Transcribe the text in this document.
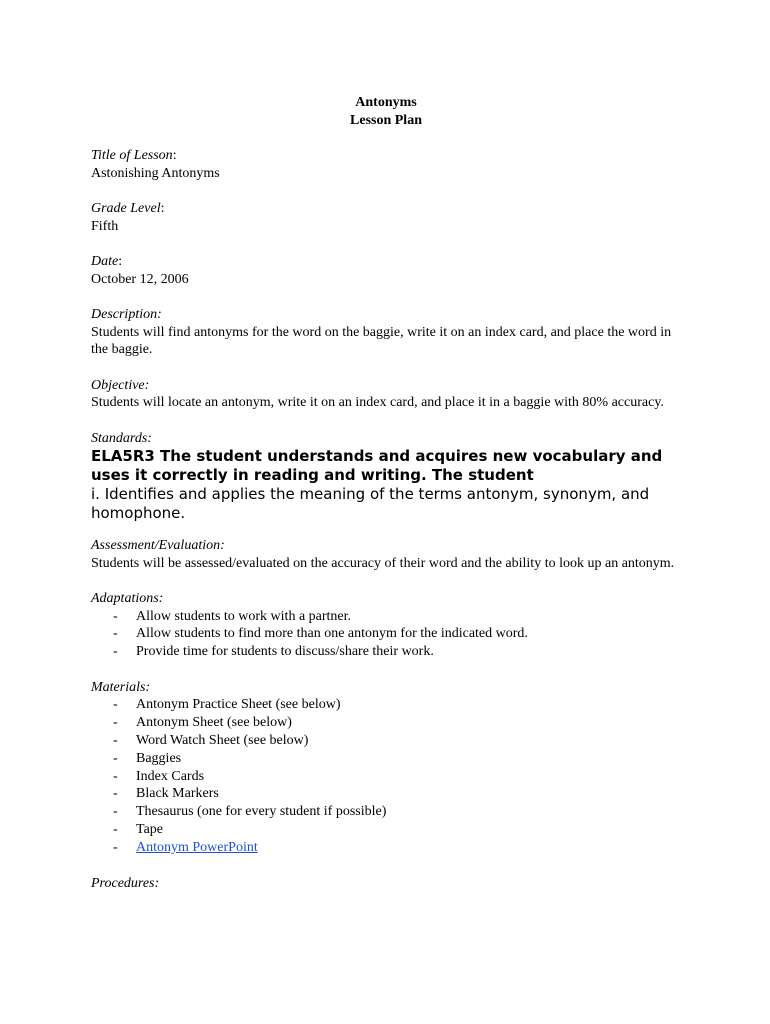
Antonyms
Lesson Plan
Title of Lesson:
Astonishing Antonyms
Grade Level:
Fifth
Date:
October 12, 2006
Description:
Students will find antonyms for the word on the baggie, write it on an index card, and place the word in the baggie.
Objective:
Students will locate an antonym, write it on an index card, and place it in a baggie with 80% accuracy.
Standards:
ELA5R3 The student understands and acquires new vocabulary and uses it correctly in reading and writing. The student
i. Identifies and applies the meaning of the terms antonym, synonym, and homophone.
Assessment/Evaluation:
Students will be assessed/evaluated on the accuracy of their word and the ability to look up an antonym.
Adaptations:
- Allow students to work with a partner.
- Allow students to find more than one antonym for the indicated word.
- Provide time for students to discuss/share their work.
Materials:
- Antonym Practice Sheet (see below)
- Antonym Sheet (see below)
- Word Watch Sheet (see below)
- Baggies
- Index Cards
- Black Markers
- Thesaurus (one for every student if possible)
- Tape
- Antonym PowerPoint
Procedures:
